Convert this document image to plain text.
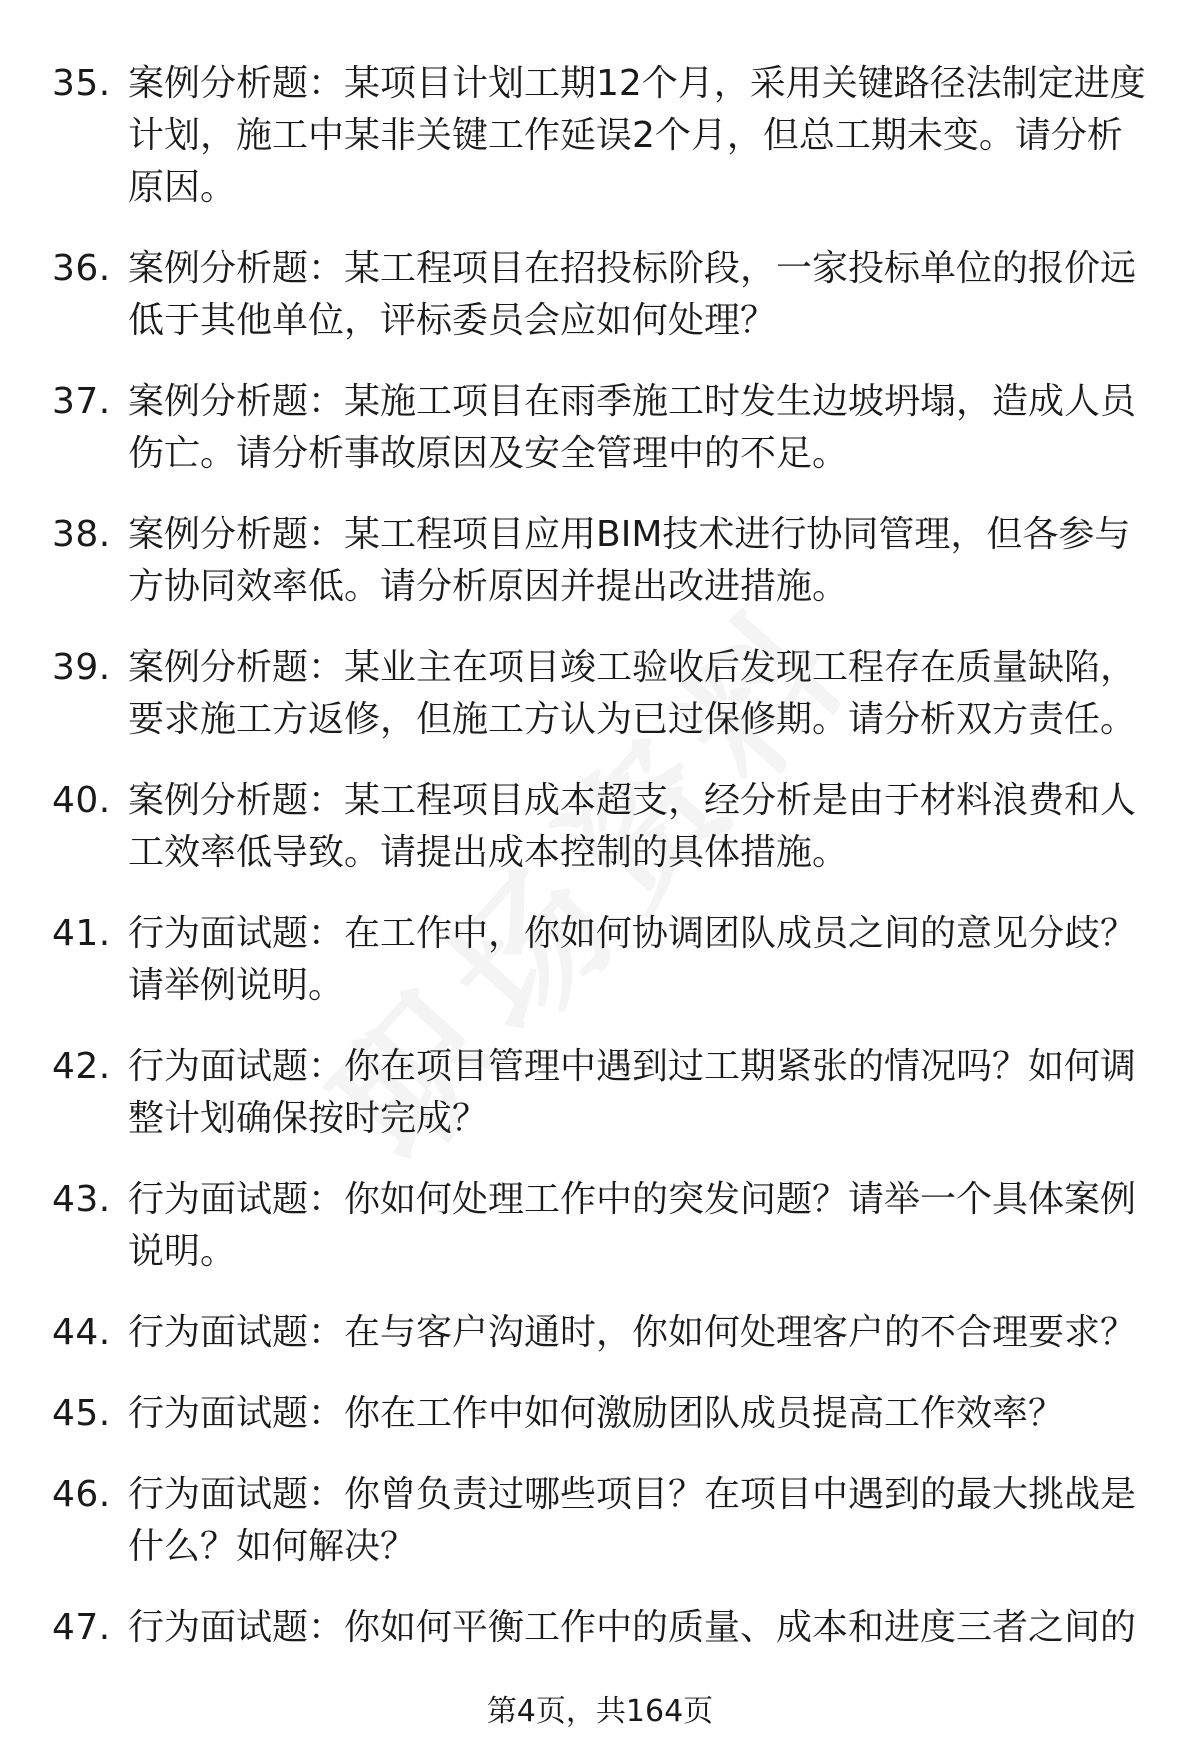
35. 案例分析题：某项目计划工期12个月，采用关键路径法制定进度计划，施工中某非关键工作延误2个月，但总工期未变。请分析原因。
36. 案例分析题：某工程项目在招投标阶段，一家投标单位的报价远低于其他单位，评标委员会应如何处理？
37. 案例分析题：某施工项目在雨季施工时发生边坡坍塌，造成人员伤亡。请分析事故原因及安全管理中的不足。
38. 案例分析题：某工程项目应用BIM技术进行协同管理，但各参与方协同效率低。请分析原因并提出改进措施。
39. 案例分析题：某业主在项目竣工验收后发现工程存在质量缺陷，要求施工方返修，但施工方认为已过保修期。请分析双方责任。
40. 案例分析题：某工程项目成本超支，经分析是由于材料浪费和人工效率低导致。请提出成本控制的具体措施。
41. 行为面试题：在工作中，你如何协调团队成员之间的意见分歧？请举例说明。
42. 行为面试题：你在项目管理中遇到过工期紧张的情况吗？如何调整计划确保按时完成？
43. 行为面试题：你如何处理工作中的突发问题？请举一个具体案例说明。
44. 行为面试题：在与客户沟通时，你如何处理客户的不合理要求？
45. 行为面试题：你在工作中如何激励团队成员提高工作效率？
46. 行为面试题：你曾负责过哪些项目？在项目中遇到的最大挑战是什么？如何解决？
47. 行为面试题：你如何平衡工作中的质量、成本和进度三者之间的
第4页，共164页
